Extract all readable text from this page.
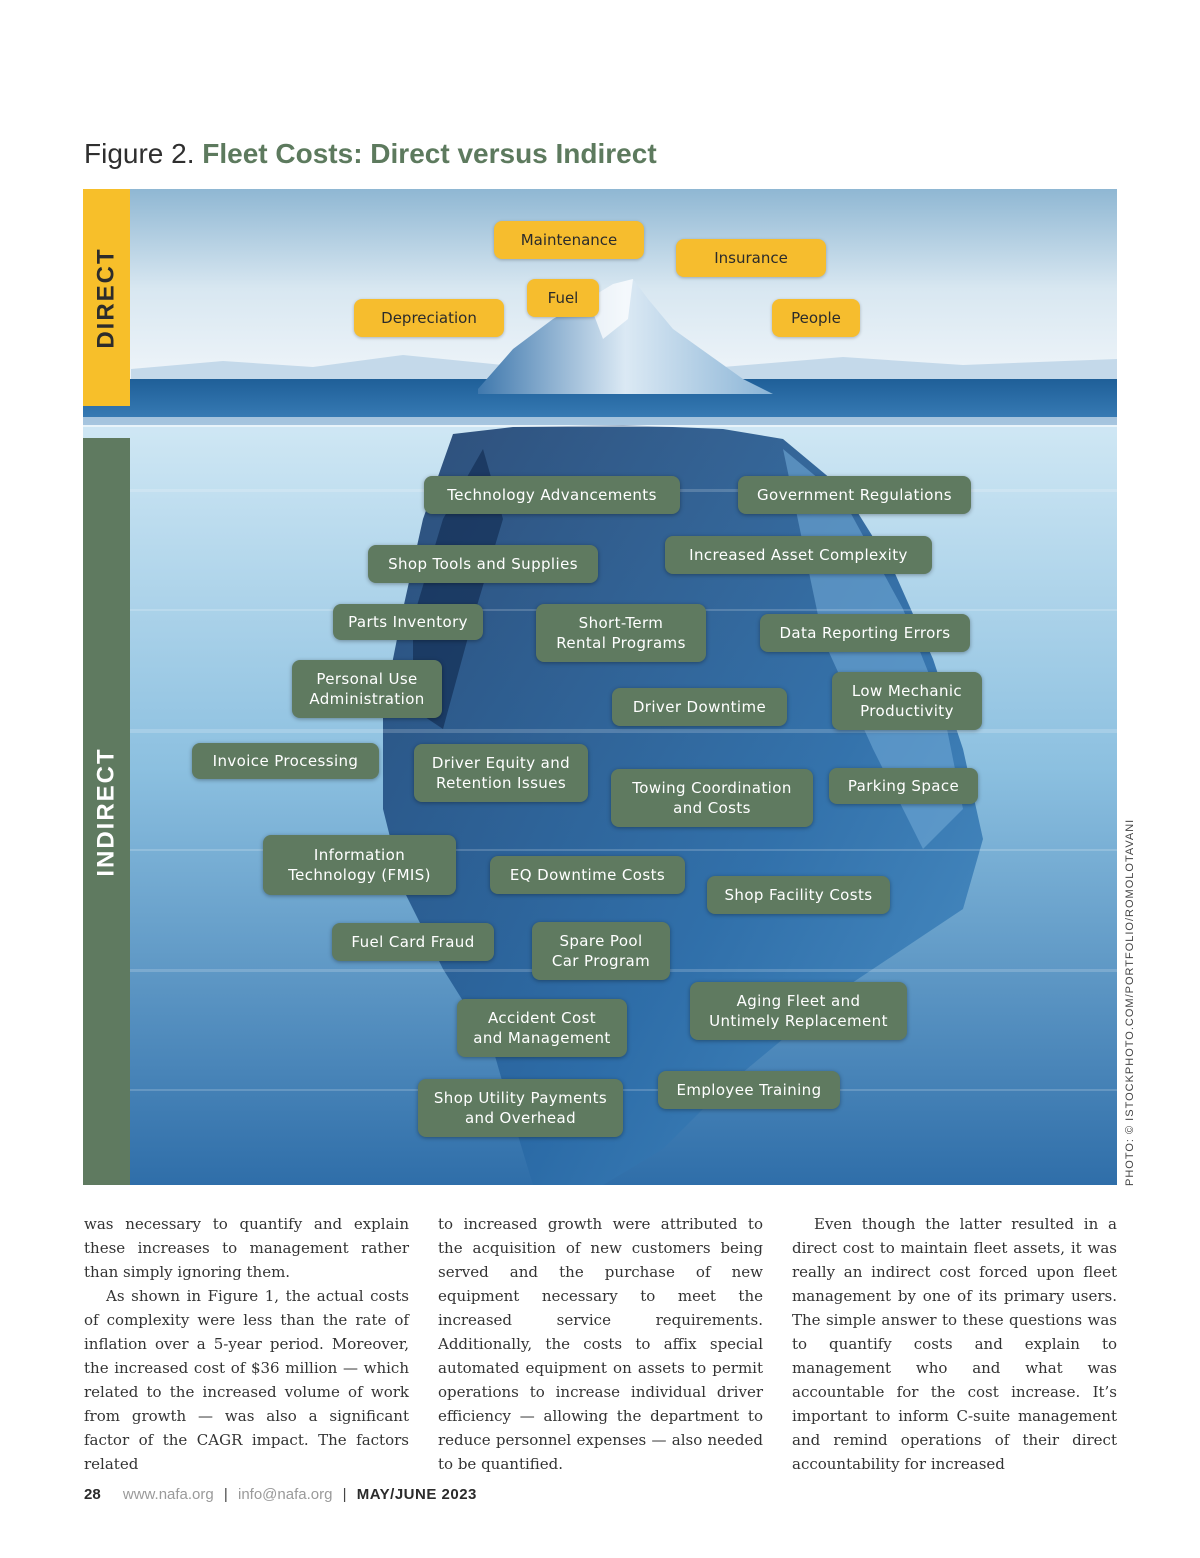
Figure 2. Fleet Costs: Direct versus Indirect
DIRECT
INDIRECT
Maintenance
Insurance
Fuel
Depreciation	People
Technology Advancements	Government Regulations
Shop Tools and Supplies	Increased Asset Complexity
Parts Inventory	Short-Term
Rental Programs
Data Reporting Errors
Personal Use
Administration	Driver Downtime
Low Mechanic
Productivity
Invoice Processing	Driver Equity and
Retention Issues	Towing Coordination
and Costs
Parking Space
Information
Technology (FMIS)	EQ Downtime Costs
Shop Facility Costs
Fuel Card Fraud	Spare Pool
Car Program
Aging Fleet and
Untimely Replacement
Accident Cost
and Management
Shop Utility Payments
and Overhead
Employee Training	PHOTO: © ISTOCKPHOTO.COM/PORTFOLIO/ROMOLOTAVANI

was necessary to quantify and explain these increases to management rather than simply ignoring them.

As shown in Figure 1, the actual costs of complexity were less than the rate of inflation over a 5-year period. Moreover, the increased cost of $36 million — which related to the increased volume of work from growth — was also a significant factor of the CAGR impact. The factors related

to increased growth were attributed to the acquisition of new customers being served and the purchase of new equipment necessary to meet the increased service requirements. Additionally, the costs to affix special automated equipment on assets to permit operations to increase individual driver efficiency — allowing the department to reduce personnel expenses — also needed to be quantified.

Even though the latter resulted in a direct cost to maintain fleet assets, it was really an indirect cost forced upon fleet management by one of its primary users. The simple answer to these questions was to quantify costs and explain to management who and what was accountable for the cost increase. It’s important to inform C-suite management and remind operations of their direct accountability for increased

28 www.nafa.org | info@nafa.org | MAY/JUNE 2023
